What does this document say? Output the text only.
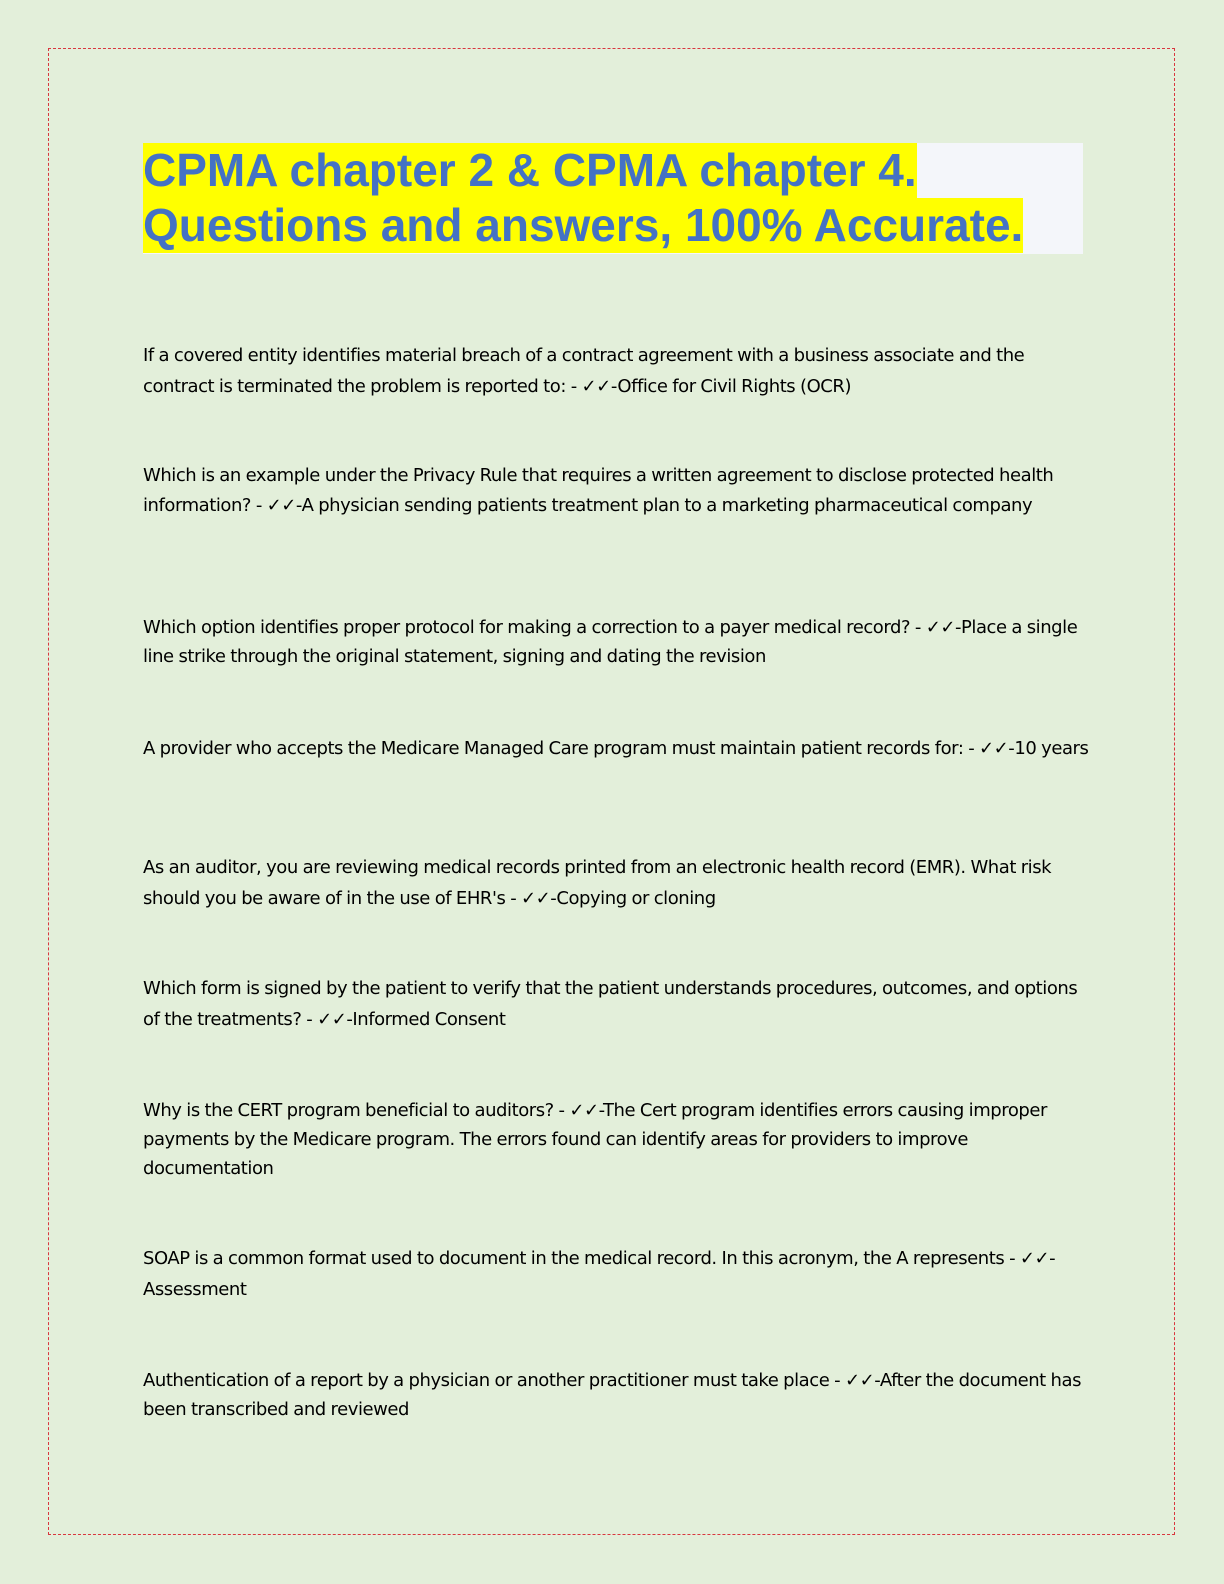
CPMA chapter 2 & CPMA chapter 4.
Questions and answers, 100% Accurate.

If a covered entity identifies material breach of a contract agreement with a business associate and the contract is terminated the problem is reported to: - ✓✓-Office for Civil Rights (OCR)

Which is an example under the Privacy Rule that requires a written agreement to disclose protected health information? - ✓✓-A physician sending patients treatment plan to a marketing pharmaceutical company

Which option identifies proper protocol for making a correction to a payer medical record? - ✓✓-Place a single line strike through the original statement, signing and dating the revision

A provider who accepts the Medicare Managed Care program must maintain patient records for: - ✓✓-10 years

As an auditor, you are reviewing medical records printed from an electronic health record (EMR). What risk should you be aware of in the use of EHR's - ✓✓-Copying or cloning

Which form is signed by the patient to verify that the patient understands procedures, outcomes, and options of the treatments? - ✓✓-Informed Consent

Why is the CERT program beneficial to auditors? - ✓✓-The Cert program identifies errors causing improper payments by the Medicare program. The errors found can identify areas for providers to improve documentation

SOAP is a common format used to document in the medical record. In this acronym, the A represents - ✓✓-Assessment

Authentication of a report by a physician or another practitioner must take place - ✓✓-After the document has been transcribed and reviewed
